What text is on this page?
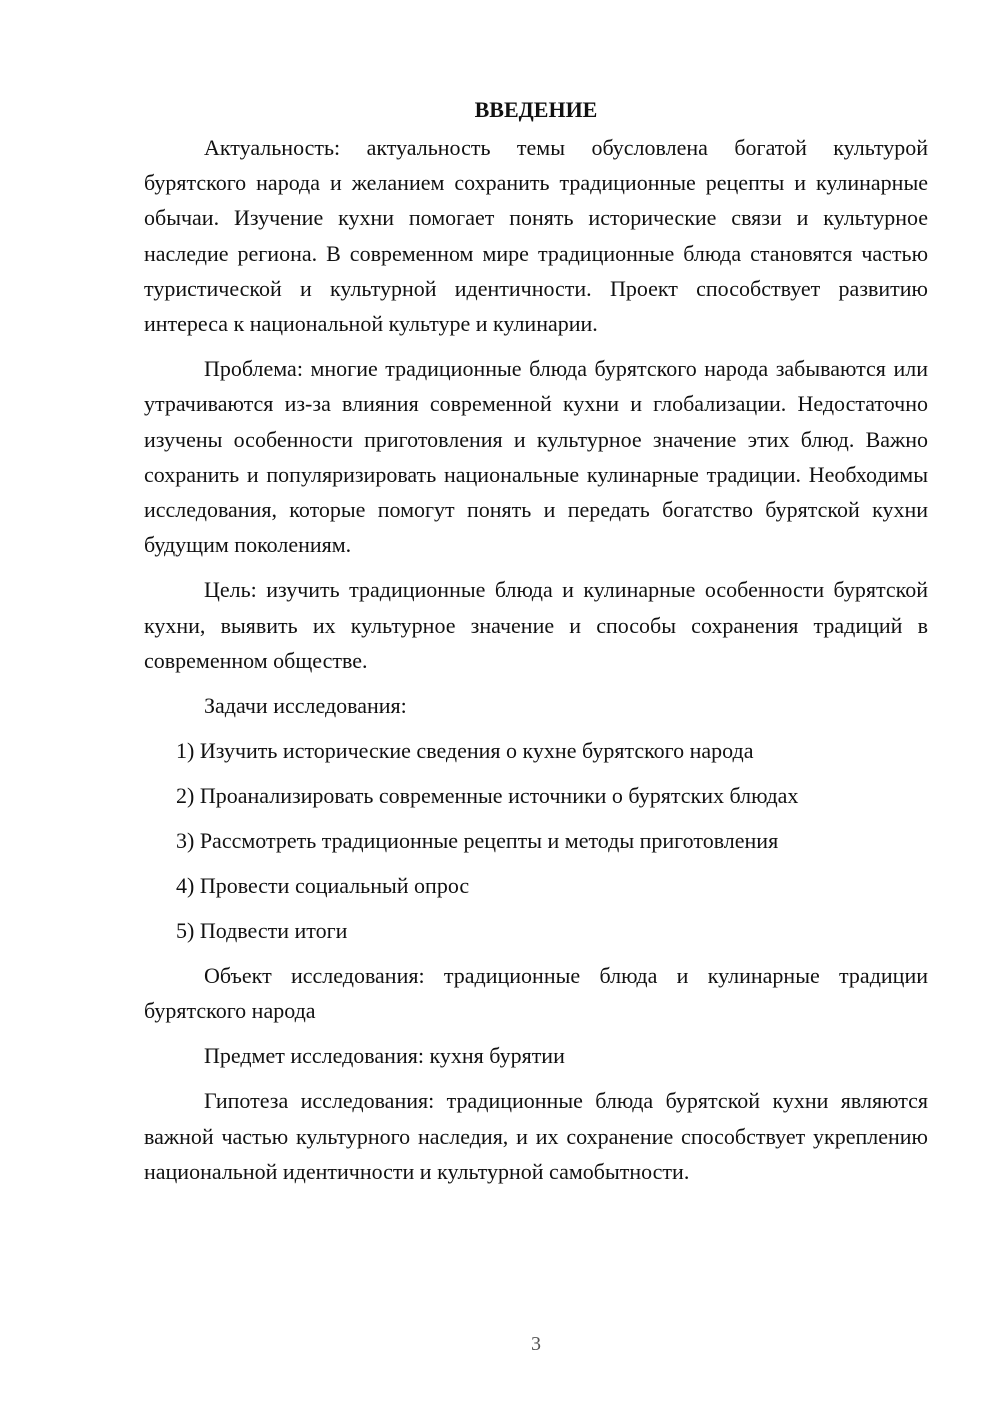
ВВЕДЕНИЕ

Актуальность: актуальность темы обусловлена богатой культурой бурятского народа и желанием сохранить традиционные рецепты и кулинарные обычаи. Изучение кухни помогает понять исторические связи и культурное наследие региона. В современном мире традиционные блюда становятся частью туристической и культурной идентичности. Проект способствует развитию интереса к национальной культуре и кулинарии.

Проблема: многие традиционные блюда бурятского народа забываются или утрачиваются из-за влияния современной кухни и глобализации. Недостаточно изучены особенности приготовления и культурное значение этих блюд. Важно сохранить и популяризировать национальные кулинарные традиции. Необходимы исследования, которые помогут понять и передать богатство бурятской кухни будущим поколениям.

Цель: изучить традиционные блюда и кулинарные особенности бурятской кухни, выявить их культурное значение и способы сохранения традиций в современном обществе.

Задачи исследования:

1) Изучить исторические сведения о кухне бурятского народа
2) Проанализировать современные источники о бурятских блюдах
3) Рассмотреть традиционные рецепты и методы приготовления
4) Провести социальный опрос
5) Подвести итоги

Объект исследования: традиционные блюда и кулинарные традиции бурятского народа

Предмет исследования: кухня бурятии

Гипотеза исследования: традиционные блюда бурятской кухни являются важной частью культурного наследия, и их сохранение способствует укреплению национальной идентичности и культурной самобытности.

3
